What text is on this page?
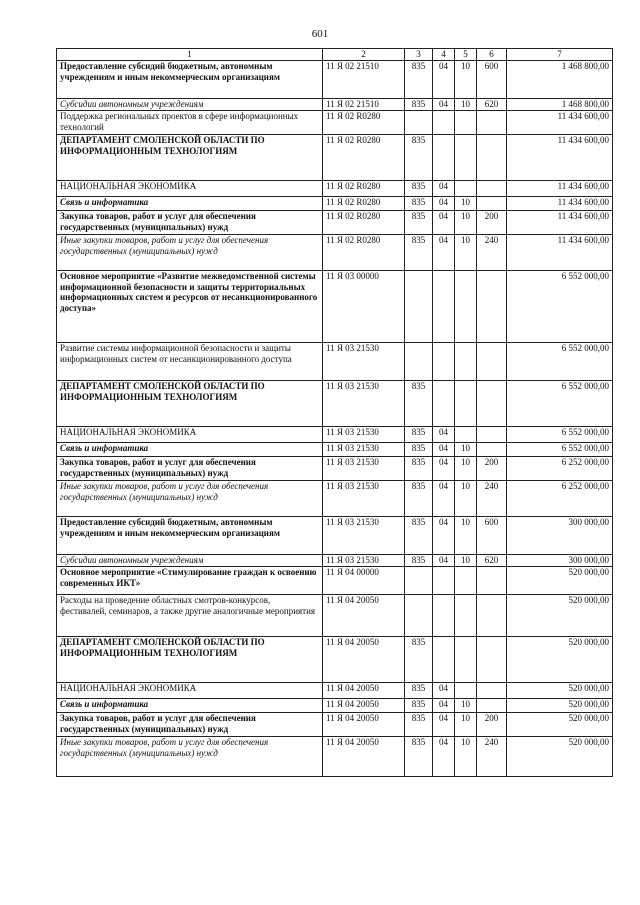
601
1	2	3	4	5	6	7
Предоставление субсидий бюджетным, автономным учреждениям и иным некоммерческим организациям	11 Я 02 21510	835	04	10	600	1 468 800,00
Субсидии автономным учреждениям	11 Я 02 21510	835	04	10	620	1 468 800,00
Поддержка региональных проектов в сфере информационных технологий	11 Я 02 R0280					11 434 600,00
ДЕПАРТАМЕНТ СМОЛЕНСКОЙ ОБЛАСТИ ПО ИНФОРМАЦИОННЫМ ТЕХНОЛОГИЯМ	11 Я 02 R0280	835				11 434 600,00
НАЦИОНАЛЬНАЯ ЭКОНОМИКА	11 Я 02 R0280	835	04			11 434 600,00
Связь и информатика	11 Я 02 R0280	835	04	10		11 434 600,00
Закупка товаров, работ и услуг для обеспечения государственных (муниципальных) нужд	11 Я 02 R0280	835	04	10	200	11 434 600,00
Иные закупки товаров, работ и услуг для обеспечения государственных (муниципальных) нужд	11 Я 02 R0280	835	04	10	240	11 434 600,00
Основное мероприятие «Развитие межведомственной системы информационной безопасности и защиты территориальных информационных систем и ресурсов от несанкционированного доступа»	11 Я 03 00000					6 552 000,00
Развитие системы информационной безопасности и защиты информационных систем от несанкционированного доступа	11 Я 03 21530					6 552 000,00
ДЕПАРТАМЕНТ СМОЛЕНСКОЙ ОБЛАСТИ ПО ИНФОРМАЦИОННЫМ ТЕХНОЛОГИЯМ	11 Я 03 21530	835				6 552 000,00
НАЦИОНАЛЬНАЯ ЭКОНОМИКА	11 Я 03 21530	835	04			6 552 000,00
Связь и информатика	11 Я 03 21530	835	04	10		6 552 000,00
Закупка товаров, работ и услуг для обеспечения государственных (муниципальных) нужд	11 Я 03 21530	835	04	10	200	6 252 000,00
Иные закупки товаров, работ и услуг для обеспечения государственных (муниципальных) нужд	11 Я 03 21530	835	04	10	240	6 252 000,00
Предоставление субсидий бюджетным, автономным учреждениям и иным некоммерческим организациям	11 Я 03 21530	835	04	10	600	300 000,00
Субсидии автономным учреждениям	11 Я 03 21530	835	04	10	620	300 000,00
Основное мероприятие «Стимулирование граждан к освоению современных ИКТ»	11 Я 04 00000					520 000,00
Расходы на проведение областных смотров-конкурсов, фестивалей, семинаров, а также другие аналогичные мероприятия	11 Я 04 20050					520 000,00
ДЕПАРТАМЕНТ СМОЛЕНСКОЙ ОБЛАСТИ ПО ИНФОРМАЦИОННЫМ ТЕХНОЛОГИЯМ	11 Я 04 20050	835				520 000,00
НАЦИОНАЛЬНАЯ ЭКОНОМИКА	11 Я 04 20050	835	04			520 000,00
Связь и информатика	11 Я 04 20050	835	04	10		520 000,00
Закупка товаров, работ и услуг для обеспечения государственных (муниципальных) нужд	11 Я 04 20050	835	04	10	200	520 000,00
Иные закупки товаров, работ и услуг для обеспечения государственных (муниципальных) нужд	11 Я 04 20050	835	04	10	240	520 000,00
